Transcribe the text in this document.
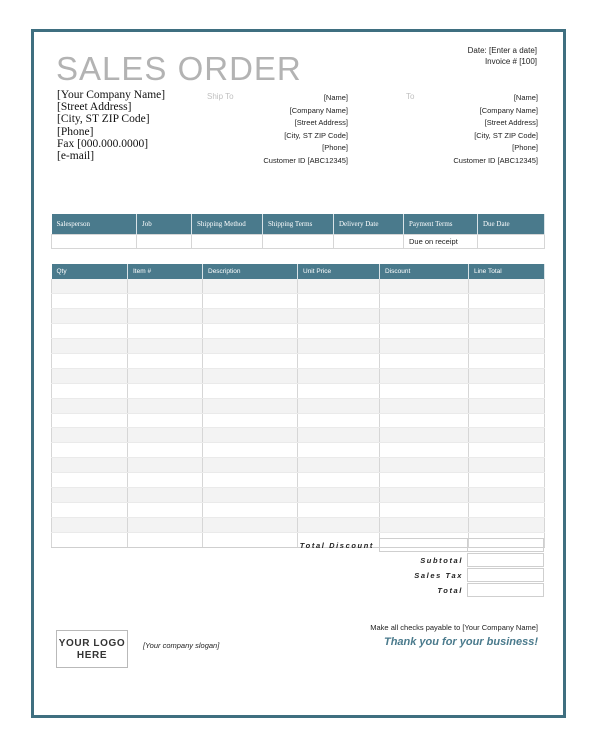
SALES ORDER
[Your Company Name]
[Street Address]
[City, ST ZIP Code]
[Phone]
Fax [000.000.0000]
[e-mail]
Date: [Enter a date]
Invoice # [100]
Ship To	[Name]
[Company Name]
[Street Address]
[City, ST ZIP Code]
[Phone]
Customer ID [ABC12345]
To	[Name]
[Company Name]
[Street Address]
[City, ST ZIP Code]
[Phone]
Customer ID [ABC12345]
Salesperson	Job	Shipping Method	Shipping Terms	Delivery Date	Payment Terms	Due Date
					Due on receipt	
Qty	Item #	Description	Unit Price	Discount	Line Total

Total Discount
Subtotal
Sales Tax
Total
YOUR LOGO HERE
[Your company slogan]
Make all checks payable to [Your Company Name]
Thank you for your business!
